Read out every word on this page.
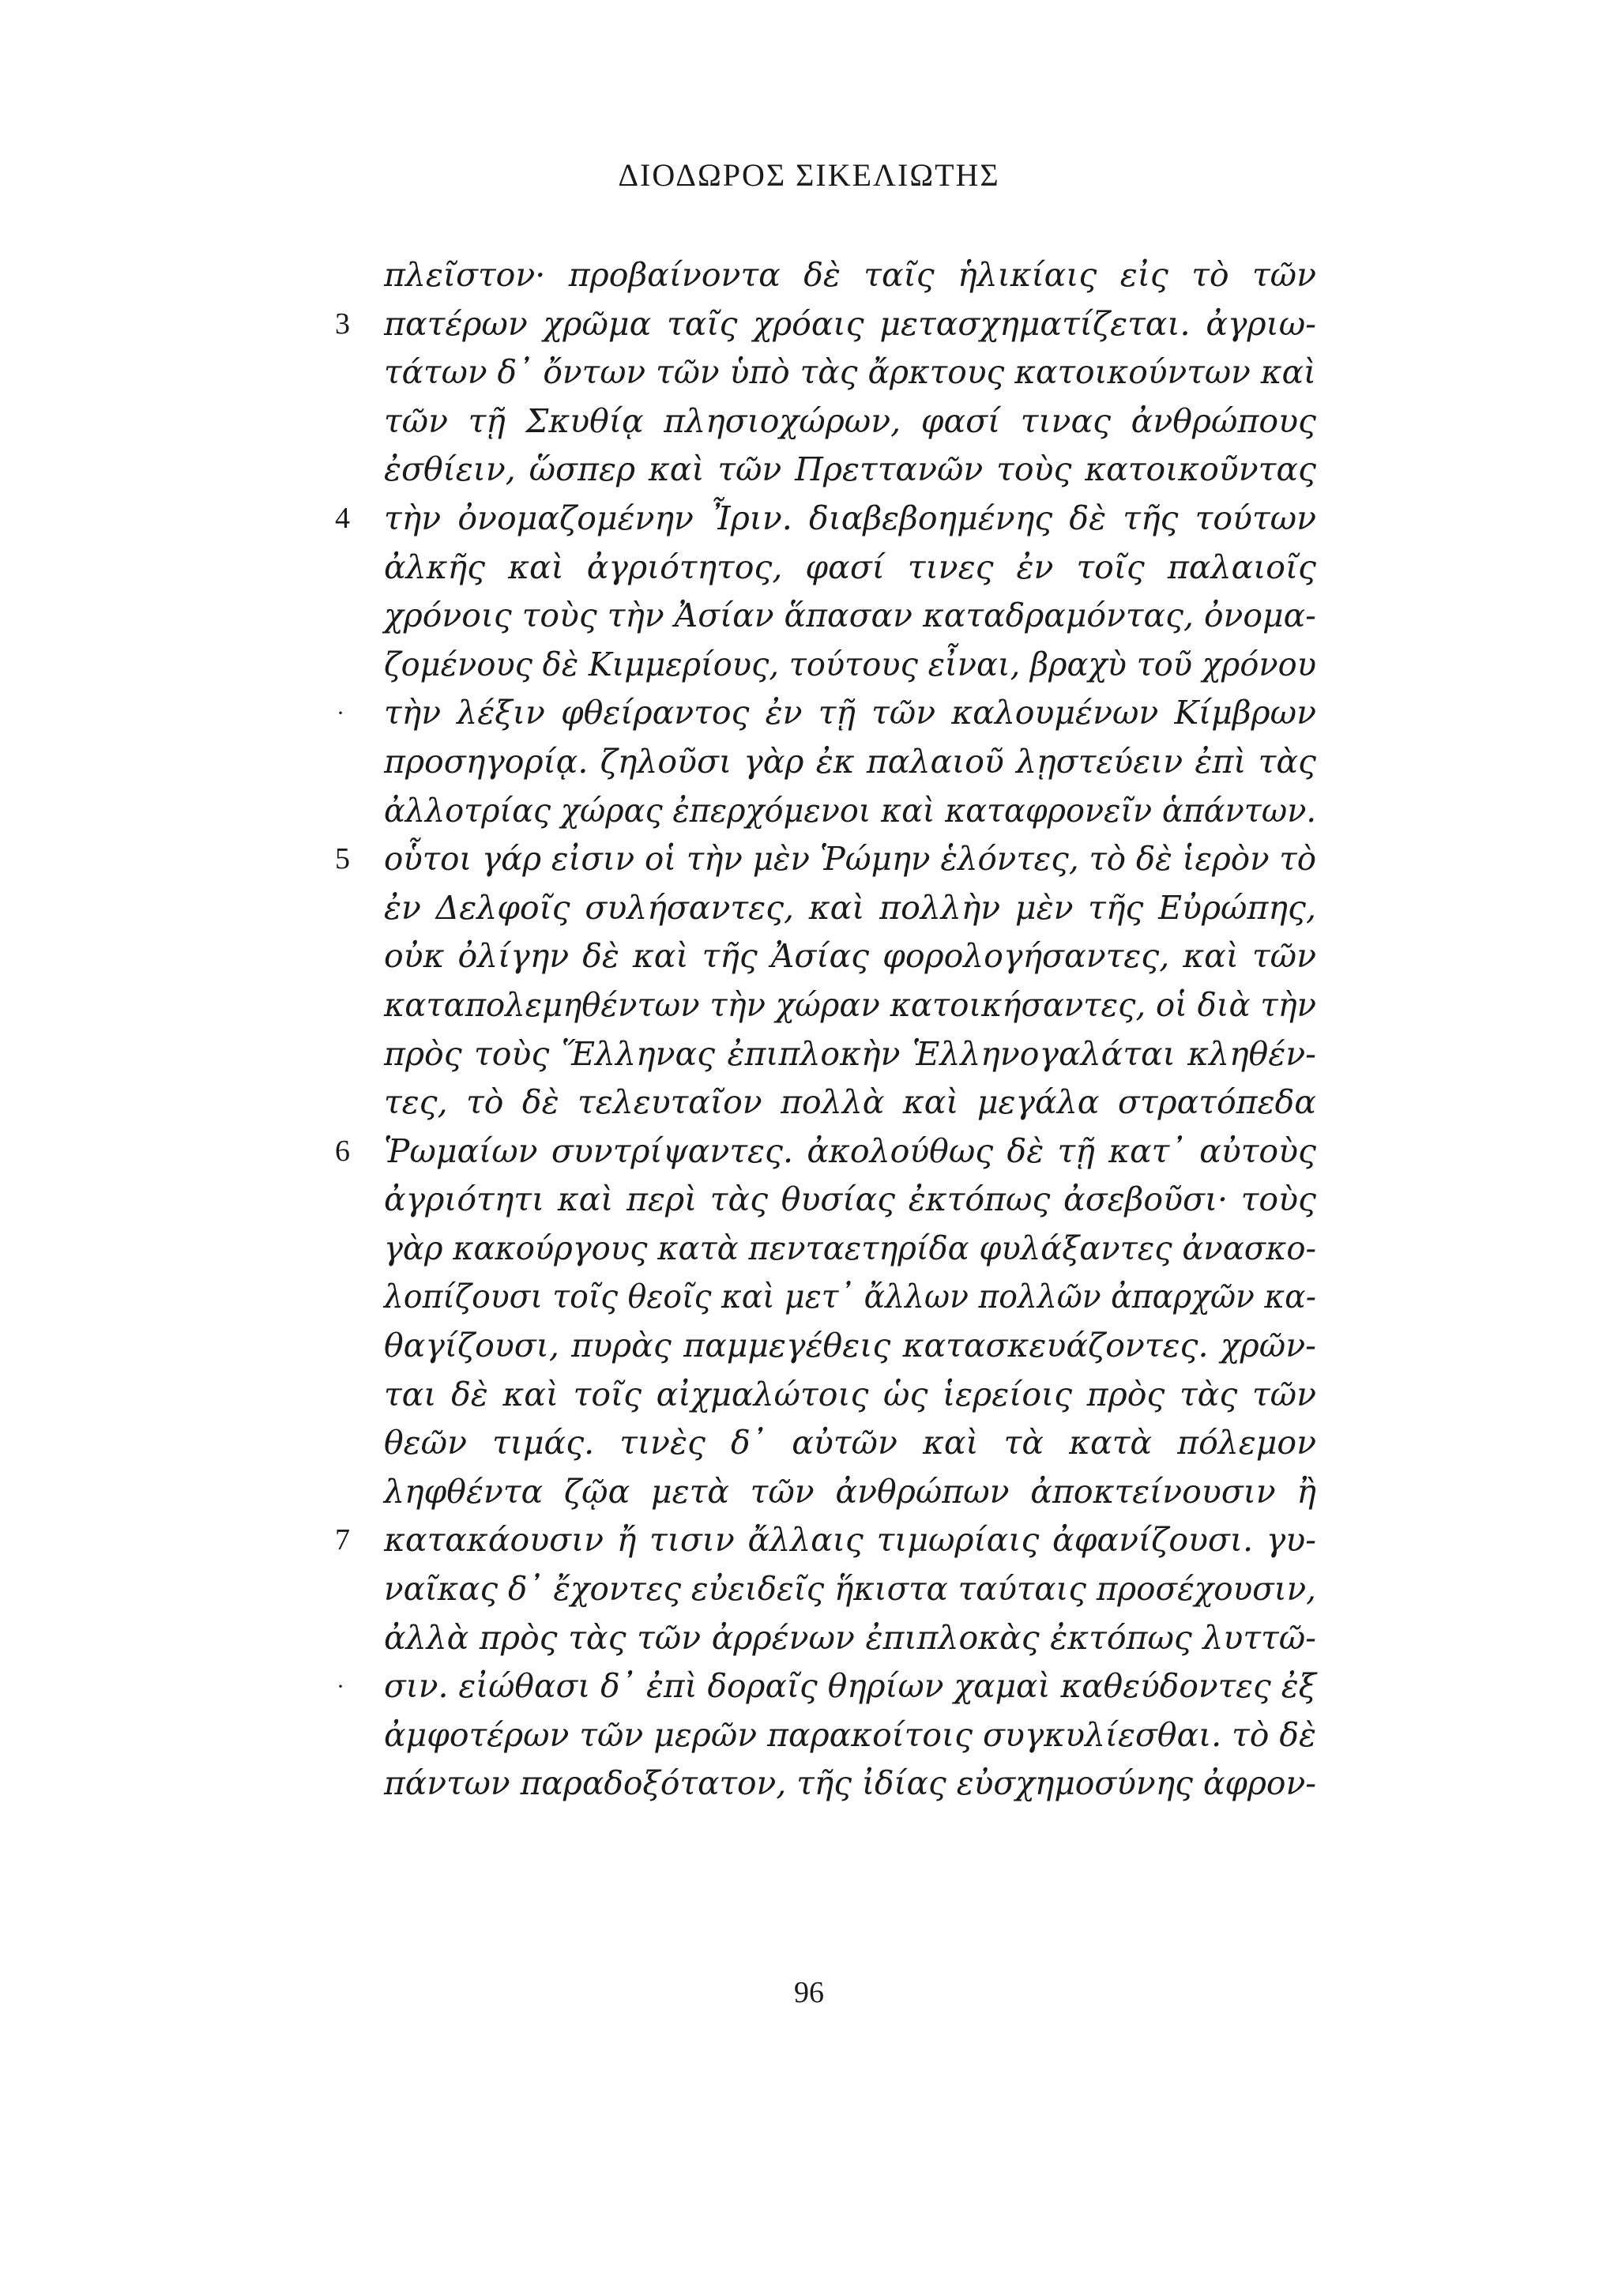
ΔΙΟΔΩΡΟΣ ΣΙΚΕΛΙΩΤΗΣ
πλεῖστον· προβαίνοντα δὲ ταῖς ἡλικίαις εἰς τὸ τῶν
3	πατέρων χρῶμα ταῖς χρόαις μετασχηματίζεται. ἀγριω-
τάτων δ᾽ ὄντων τῶν ὑπὸ τὰς ἄρκτους κατοικούντων καὶ
τῶν τῇ Σκυθίᾳ πλησιοχώρων, φασί τινας ἀνθρώπους
ἐσθίειν, ὥσπερ καὶ τῶν Πρεττανῶν τοὺς κατοικοῦντας
4	τὴν ὀνομαζομένην Ἶριν. διαβεβοημένης δὲ τῆς τούτων
ἀλκῆς καὶ ἀγριότητος, φασί τινες ἐν τοῖς παλαιοῖς
χρόνοις τοὺς τὴν Ἀσίαν ἅπασαν καταδραμόντας, ὀνομα-
ζομένους δὲ Κιμμερίους, τούτους εἶναι, βραχὺ τοῦ χρόνου
· τὴν λέξιν φθείραντος ἐν τῇ τῶν καλουμένων Κίμβρων
προσηγορίᾳ. ζηλοῦσι γὰρ ἐκ παλαιοῦ λῃστεύειν ἐπὶ τὰς
ἀλλοτρίας χώρας ἐπερχόμενοι καὶ καταφρονεῖν ἁπάντων.
5	οὗτοι γάρ εἰσιν οἱ τὴν μὲν Ῥώμην ἑλόντες, τὸ δὲ ἱερὸν τὸ
ἐν Δελφοῖς συλήσαντες, καὶ πολλὴν μὲν τῆς Εὐρώπης,
οὐκ ὀλίγην δὲ καὶ τῆς Ἀσίας φορολογήσαντες, καὶ τῶν
καταπολεμηθέντων τὴν χώραν κατοικήσαντες, οἱ διὰ τὴν
πρὸς τοὺς Ἕλληνας ἐπιπλοκὴν Ἑλληνογαλάται κληθέν-
τες, τὸ δὲ τελευταῖον πολλὰ καὶ μεγάλα στρατόπεδα
6	Ῥωμαίων συντρίψαντες. ἀκολούθως δὲ τῇ κατ᾽ αὐτοὺς
ἀγριότητι καὶ περὶ τὰς θυσίας ἐκτόπως ἀσεβοῦσι· τοὺς
γὰρ κακούργους κατὰ πενταετηρίδα φυλάξαντες ἀνασκο-
λοπίζουσι τοῖς θεοῖς καὶ μετ᾽ ἄλλων πολλῶν ἀπαρχῶν κα-
θαγίζουσι, πυρὰς παμμεγέθεις κατασκευάζοντες. χρῶν-
ται δὲ καὶ τοῖς αἰχμαλώτοις ὡς ἱερείοις πρὸς τὰς τῶν
θεῶν τιμάς. τινὲς δ᾽ αὐτῶν καὶ τὰ κατὰ πόλεμον
ληφθέντα ζῷα μετὰ τῶν ἀνθρώπων ἀποκτείνουσιν ἢ
7	κατακάουσιν ἤ τισιν ἄλλαις τιμωρίαις ἀφανίζουσι. γυ-
ναῖκας δ᾽ ἔχοντες εὐειδεῖς ἥκιστα ταύταις προσέχουσιν,
ἀλλὰ πρὸς τὰς τῶν ἀρρένων ἐπιπλοκὰς ἐκτόπως λυττῶ-
· σιν. εἰώθασι δ᾽ ἐπὶ δοραῖς θηρίων χαμαὶ καθεύδοντες ἐξ
ἀμφοτέρων τῶν μερῶν παρακοίτοις συγκυλίεσθαι. τὸ δὲ
πάντων παραδοξότατον, τῆς ἰδίας εὐσχημοσύνης ἀφρον-
96
